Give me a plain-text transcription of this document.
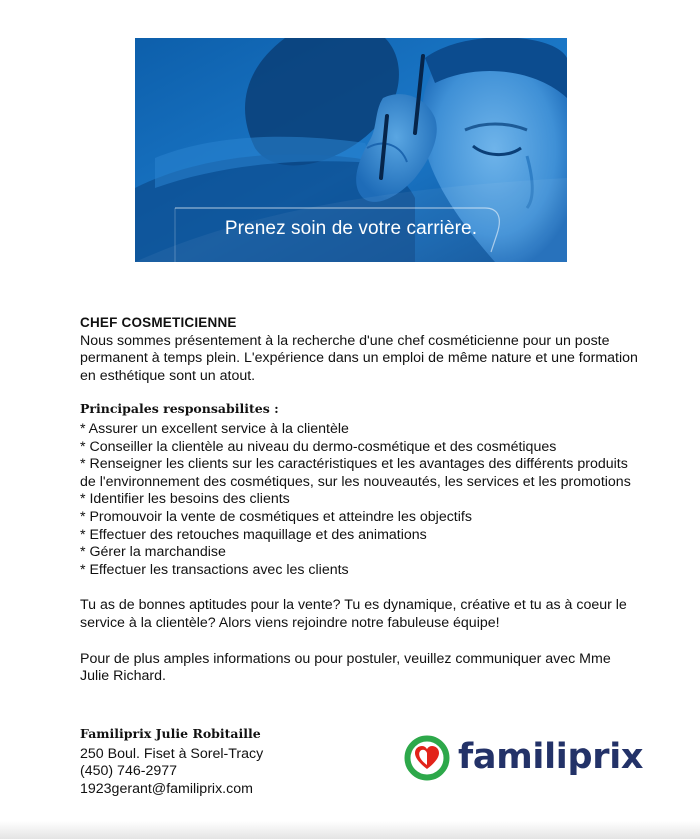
Prenez soin de votre carrière.
CHEF COSMETICIENNE

Nous sommes présentement à la recherche d'une chef cosméticienne pour un poste permanent à temps plein. L'expérience dans un emploi de même nature et une formation en esthétique sont un atout.

Principales responsabilites :
* Assurer un excellent service à la clientèle
* Conseiller la clientèle au niveau du dermo-cosmétique et des cosmétiques
* Renseigner les clients sur les caractéristiques et les avantages des différents produits de l'environnement des cosmétiques, sur les nouveautés, les services et les promotions
* Identifier les besoins des clients
* Promouvoir la vente de cosmétiques et atteindre les objectifs
* Effectuer des retouches maquillage et des animations
* Gérer la marchandise
* Effectuer les transactions avec les clients

Tu as de bonnes aptitudes pour la vente? Tu es dynamique, créative et tu as à coeur le service à la clientèle? Alors viens rejoindre notre fabuleuse équipe!

Pour de plus amples informations ou pour postuler, veuillez communiquer avec Mme Julie Richard.

Familiprix Julie Robitaille
250 Boul. Fiset à Sorel-Tracy
(450) 746-2977
1923gerant@familiprix.com
familiprix
